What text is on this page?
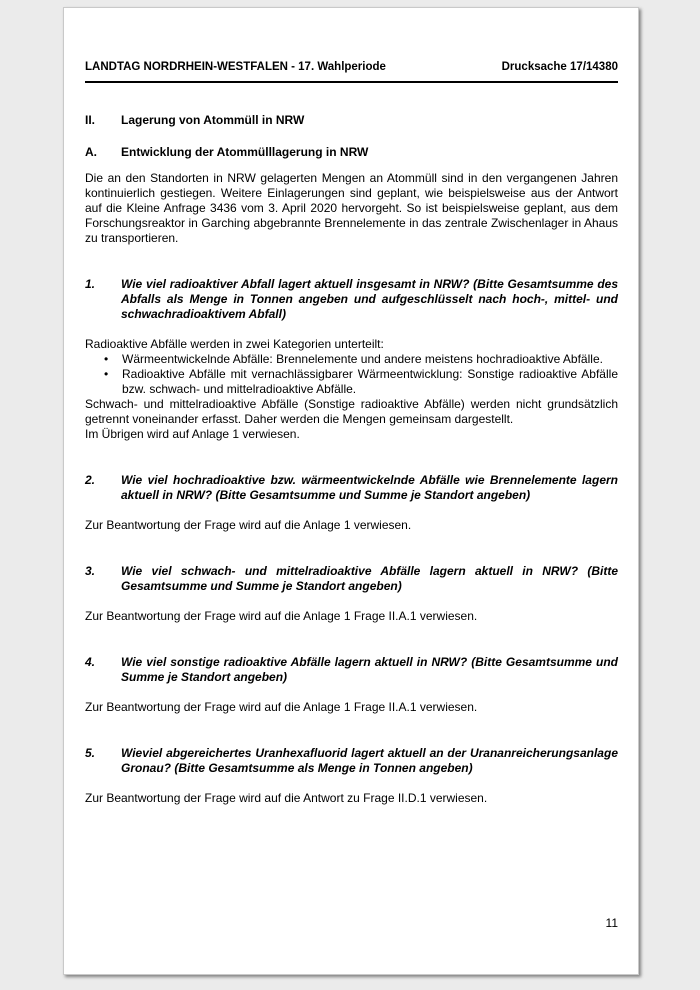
LANDTAG NORDRHEIN-WESTFALEN - 17. Wahlperiode	Drucksache 17/14380
II.	Lagerung von Atommüll in NRW
A.	Entwicklung der Atommülllagerung in NRW

Die an den Standorten in NRW gelagerten Mengen an Atommüll sind in den vergangenen Jahren kontinuierlich gestiegen. Weitere Einlagerungen sind geplant, wie beispielsweise aus der Antwort auf die Kleine Anfrage 3436 vom 3. April 2020 hervorgeht. So ist beispielsweise geplant, aus dem Forschungsreaktor in Garching abgebrannte Brennelemente in das zentrale Zwischenlager in Ahaus zu transportieren.

1.	Wie viel radioaktiver Abfall lagert aktuell insgesamt in NRW? (Bitte Gesamtsumme des Abfalls als Menge in Tonnen angeben und aufgeschlüsselt nach hoch-, mittel- und schwachradioaktivem Abfall)

Radioaktive Abfälle werden in zwei Kategorien unterteilt:

•	Wärmeentwickelnde Abfälle: Brennelemente und andere meistens hochradioaktive Abfälle.
•	Radioaktive Abfälle mit vernachlässigbarer Wärmeentwicklung: Sonstige radioaktive Abfälle bzw. schwach- und mittelradioaktive Abfälle.

Schwach- und mittelradioaktive Abfälle (Sonstige radioaktive Abfälle) werden nicht grundsätzlich getrennt voneinander erfasst. Daher werden die Mengen gemeinsam dargestellt.

Im Übrigen wird auf Anlage 1 verwiesen.

2.	Wie viel hochradioaktive bzw. wärmeentwickelnde Abfälle wie Brennelemente lagern aktuell in NRW? (Bitte Gesamtsumme und Summe je Standort angeben)

Zur Beantwortung der Frage wird auf die Anlage 1 verwiesen.

3.	Wie viel schwach- und mittelradioaktive Abfälle lagern aktuell in NRW? (Bitte Gesamtsumme und Summe je Standort angeben)

Zur Beantwortung der Frage wird auf die Anlage 1 Frage II.A.1 verwiesen.

4.	Wie viel sonstige radioaktive Abfälle lagern aktuell in NRW? (Bitte Gesamtsumme und Summe je Standort angeben)

Zur Beantwortung der Frage wird auf die Anlage 1 Frage II.A.1 verwiesen.

5.	Wieviel abgereichertes Uranhexafluorid lagert aktuell an der Urananreicherungsanlage Gronau? (Bitte Gesamtsumme als Menge in Tonnen angeben)

Zur Beantwortung der Frage wird auf die Antwort zu Frage II.D.1 verwiesen.

11
